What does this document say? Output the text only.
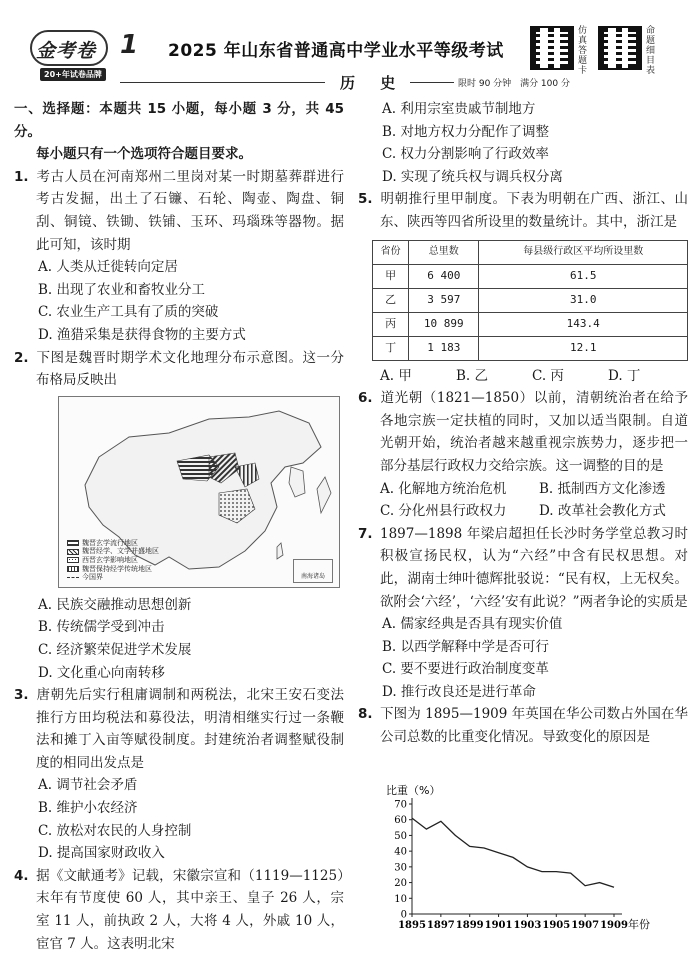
金考卷
20+年试卷品牌
1 2025 年山东省普通高中学业水平等级考试
历 史	限时 90 分钟 满分 100 分
仿真答题卡
命题细目表
一、选择题：本题共 15 小题，每小题 3 分，共 45 分。
每小题只有一个选项符合题目要求。
1. 考古人员在河南郑州二里岗对某一时期墓葬群进行考古发掘，出土了石镰、石轮、陶壶、陶盘、铜刮、铜镜、铁锄、铁铺、玉环、玛瑙珠等器物。据此可知，该时期
A. 人类从迁徙转向定居
B. 出现了农业和畜牧业分工
C. 农业生产工具有了质的突破
D. 渔猎采集是获得食物的主要方式
2. 下图是魏晋时期学术文化地理分布示意图。这一分布格局反映出
魏晋玄学流行地区
魏晋经学、文学并盛地区
西晋玄学影响地区
魏晋保持经学传统地区
今国界	南海诸岛
A. 民族交融推动思想创新
B. 传统儒学受到冲击
C. 经济繁荣促进学术发展
D. 文化重心向南转移
3. 唐朝先后实行租庸调制和两税法，北宋王安石变法推行方田均税法和募役法，明清相继实行过一条鞭法和摊丁入亩等赋役制度。封建统治者调整赋役制度的相同出发点是
A. 调节社会矛盾
B. 维护小农经济
C. 放松对农民的人身控制
D. 提高国家财政收入
4. 据《文献通考》记载，宋徽宗宣和（1119—1125）末年有节度使 60 人，其中亲王、皇子 26 人，宗室 11 人，前执政 2 人，大将 4 人，外戚 10 人，宦官 7 人。这表明北宋
A. 利用宗室贵戚节制地方
B. 对地方权力分配作了调整
C. 权力分割影响了行政效率
D. 实现了统兵权与调兵权分离
5. 明朝推行里甲制度。下表为明朝在广西、浙江、山东、陕西等四省所设里的数量统计。其中，浙江是
省份	总里数	每县级行政区平均所设里数
甲	6 400	61.5
乙	3 597	31.0
丙	10 899	143.4
丁	1 183	12.1
A. 甲	B. 乙	C. 丙	D. 丁
6. 道光朝（1821—1850）以前，清朝统治者在给予各地宗族一定扶植的同时，又加以适当限制。自道光朝开始，统治者越来越重视宗族势力，逐步把一部分基层行政权力交给宗族。这一调整的目的是
A. 化解地方统治危机	B. 抵制西方文化渗透
C. 分化州县行政权力	D. 改革社会教化方式
7. 1897—1898 年梁启超担任长沙时务学堂总教习时积极宣扬民权，认为“六经”中含有民权思想。对此，湖南士绅叶德辉批驳说：“民有权，上无权矣。欲附会‘六经’，‘六经’安有此说？”两者争论的实质是
A. 儒家经典是否具有现实价值
B. 以西学解释中学是否可行
C. 要不要进行政治制度变革
D. 推行改良还是进行革命
8. 下图为 1895—1909 年英国在华公司数占外国在华公司总数的比重变化情况。导致变化的原因是
比重（%）
0
10
20
30
40
50
60
70
1895 1897 1899 1901 1903 1905 1907 1909 年份
